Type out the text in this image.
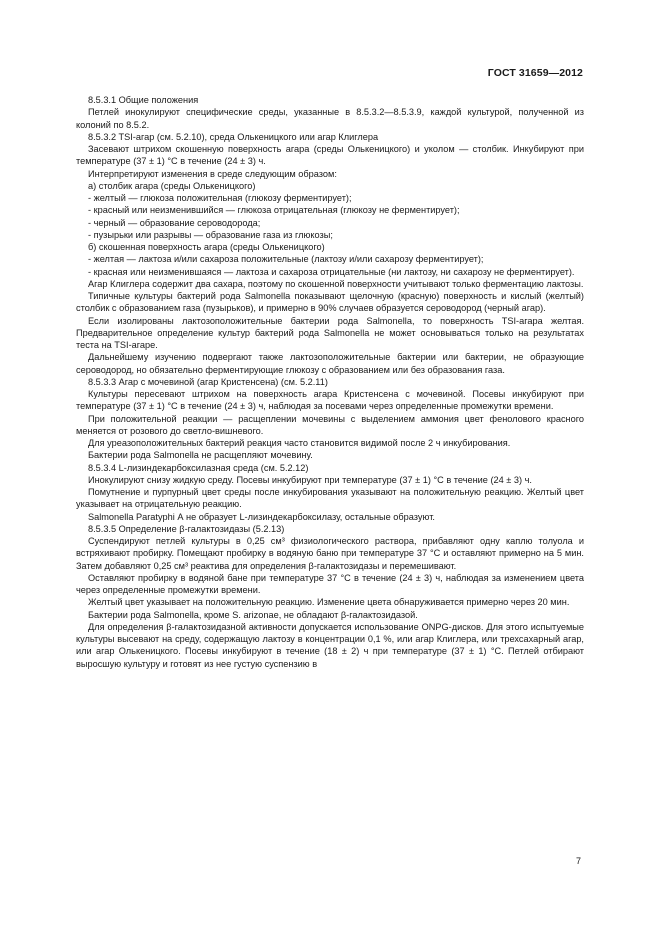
ГОСТ 31659—2012

8.5.3.1 Общие положения

Петлей инокулируют специфические среды, указанные в 8.5.3.2—8.5.3.9, каждой культурой, полученной из колоний по 8.5.2.

8.5.3.2 TSI-агар (см. 5.2.10), среда Олькеницкого или агар Клиглера

Засевают штрихом скошенную поверхность агара (среды Олькеницкого) и уколом — столбик. Инкубируют при температуре (37 ± 1) °С в течение (24 ± 3) ч.

Интерпретируют изменения в среде следующим образом:

а) столбик агара (среды Олькеницкого)

- желтый — глюкоза положительная (глюкозу ферментирует);

- красный или неизменившийся — глюкоза отрицательная (глюкозу не ферментирует);

- черный — образование сероводорода;

- пузырьки или разрывы — образование газа из глюкозы;

б) скошенная поверхность агара (среды Олькеницкого)

- желтая — лактоза и/или сахароза положительные (лактозу и/или сахарозу ферментирует);

- красная или неизменившаяся — лактоза и сахароза отрицательные (ни лактозу, ни сахарозу не ферментирует).

Агар Клиглера содержит два сахара, поэтому по скошенной поверхности учитывают только ферментацию лактозы.

Типичные культуры бактерий рода Salmonella показывают щелочную (красную) поверхность и кислый (желтый) столбик с образованием газа (пузырьков), и примерно в 90% случаев образуется сероводород (черный агар).

Если изолированы лактозоположительные бактерии рода Salmonella, то поверхность TSI-агара желтая. Предварительное определение культур бактерий рода Salmonella не может основываться только на результатах теста на TSI-агаре.

Дальнейшему изучению подвергают также лактозоположительные бактерии или бактерии, не образующие сероводород, но обязательно ферментирующие глюкозу с образованием или без образования газа.

8.5.3.3 Агар с мочевиной (агар Кристенсена) (см. 5.2.11)

Культуры пересевают штрихом на поверхность агара Кристенсена с мочевиной. Посевы инкубируют при температуре (37 ± 1) °С в течение (24 ± 3) ч, наблюдая за посевами через определенные промежутки времени.

При положительной реакции — расщеплении мочевины с выделением аммония цвет фенолового красного меняется от розового до светло-вишневого.

Для уреазоположительных бактерий реакция часто становится видимой после 2 ч инкубирования.

Бактерии рода Salmonella не расщепляют мочевину.

8.5.3.4 L-лизиндекарбоксилазная среда (см. 5.2.12)

Инокулируют снизу жидкую среду. Посевы инкубируют при температуре (37 ± 1) °С в течение (24 ± 3) ч.

Помутнение и пурпурный цвет среды после инкубирования указывают на положительную реакцию. Желтый цвет указывает на отрицательную реакцию.

Salmonella Paratyphi А не образует L-лизиндекарбоксилазу, остальные образуют.

8.5.3.5 Определение β-галактозидазы (5.2.13)

Суспендируют петлей культуры в 0,25 см³ физиологического раствора, прибавляют одну каплю толуола и встряхивают пробирку. Помещают пробирку в водяную баню при температуре 37 °С и оставляют примерно на 5 мин. Затем добавляют 0,25 см³ реактива для определения β-галактозидазы и перемешивают.

Оставляют пробирку в водяной бане при температуре 37 °С в течение (24 ± 3) ч, наблюдая за изменением цвета через определенные промежутки времени.

Желтый цвет указывает на положительную реакцию. Изменение цвета обнаруживается примерно через 20 мин.

Бактерии рода Salmonella, кроме S. arizonae, не обладают β-галактозидазой.

Для определения β-галактозидазной активности допускается использование ONPG-дисков. Для этого испытуемые культуры высевают на среду, содержащую лактозу в концентрации 0,1 %, или агар Клиглера, или трехсахарный агар, или агар Олькеницкого. Посевы инкубируют в течение (18 ± 2) ч при температуре (37 ± 1) °С. Петлей отбирают выросшую культуру и готовят из нее густую суспензию в

7
